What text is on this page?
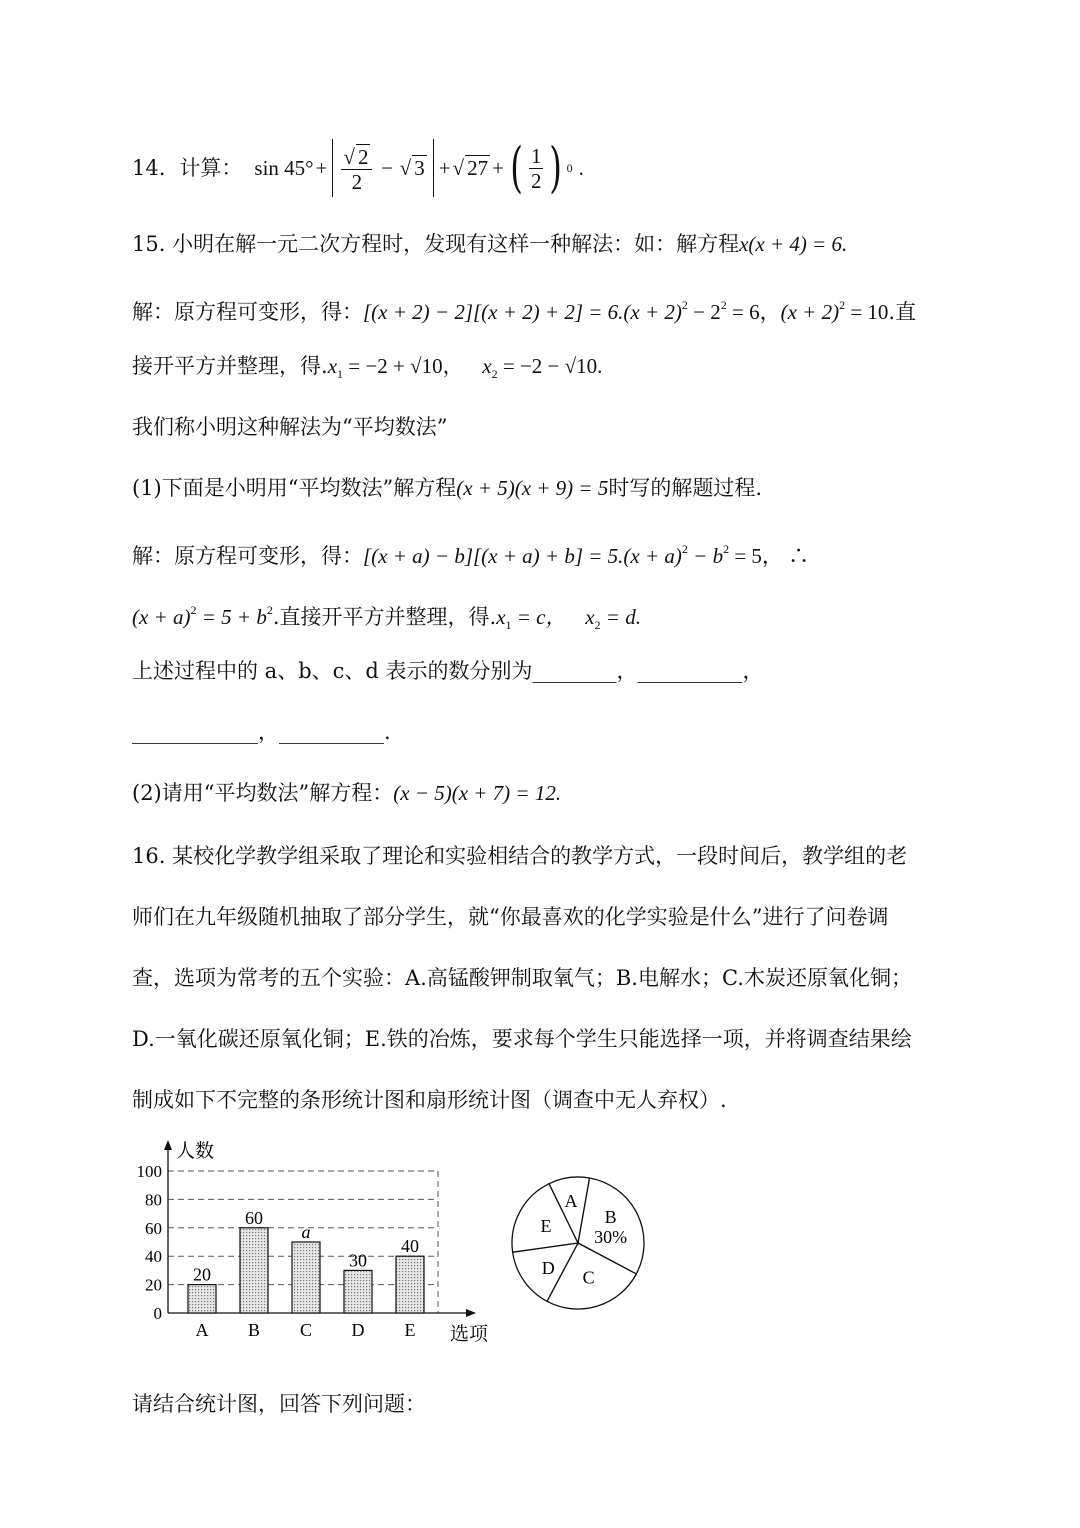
14. 计算： $\sin 45^\circ + \frac{√ 2}{2}$ − √ 3 + √ 27 + ( $\frac{1}{2}$ ) 0 .
15. 小明在解一元二次方程时，发现有这样一种解法：如：解方程x(x + 4) = 6.
解：原方程可变形，得：$[(x + 2) - 2][(x + 2) + 2] = 6.(x + 2)^2 - 2^2 = 6$，$(x + 2)^2 = 10$.直
接开平方并整理，得$.x_1 = -2 + √10$， $x_2 = -2 - √10$.
我们称小明这种解法为“平均数法”
(1)下面是小明用“平均数法”解方程(x + 5)(x + 9) = 5时写的解题过程.
解：原方程可变形，得：$[(x + a) - b][(x + a) + b] = 5.(x + a)^2 - b^2 = 5$， ∴
$(x + a)^2 = 5 + b^2$.直接开平方并整理，得$.x_1 = c$， $x_2 = d$.
上述过程中的 a、b、c、d 表示的数分别为________，__________，
____________，__________.
(2)请用“平均数法”解方程：(x − 5)(x + 7) = 12.
16. 某校化学教学组采取了理论和实验相结合的教学方式，一段时间后，教学组的老
师们在九年级随机抽取了部分学生，就“你最喜欢的化学实验是什么”进行了问卷调
查，选项为常考的五个实验：A.高锰酸钾制取氧气；B.电解水；C.木炭还原氧化铜；
D.一氧化碳还原氧化铜；E.铁的冶炼，要求每个学生只能选择一项，并将调查结果绘
制成如下不完整的条形统计图和扇形统计图（调查中无人弃权）.
0
20
40
60
80
100
人数
选项
20
A
60
B
a
C
30
D
40
E
B
30%
C
D
E
A
请结合统计图，回答下列问题：
